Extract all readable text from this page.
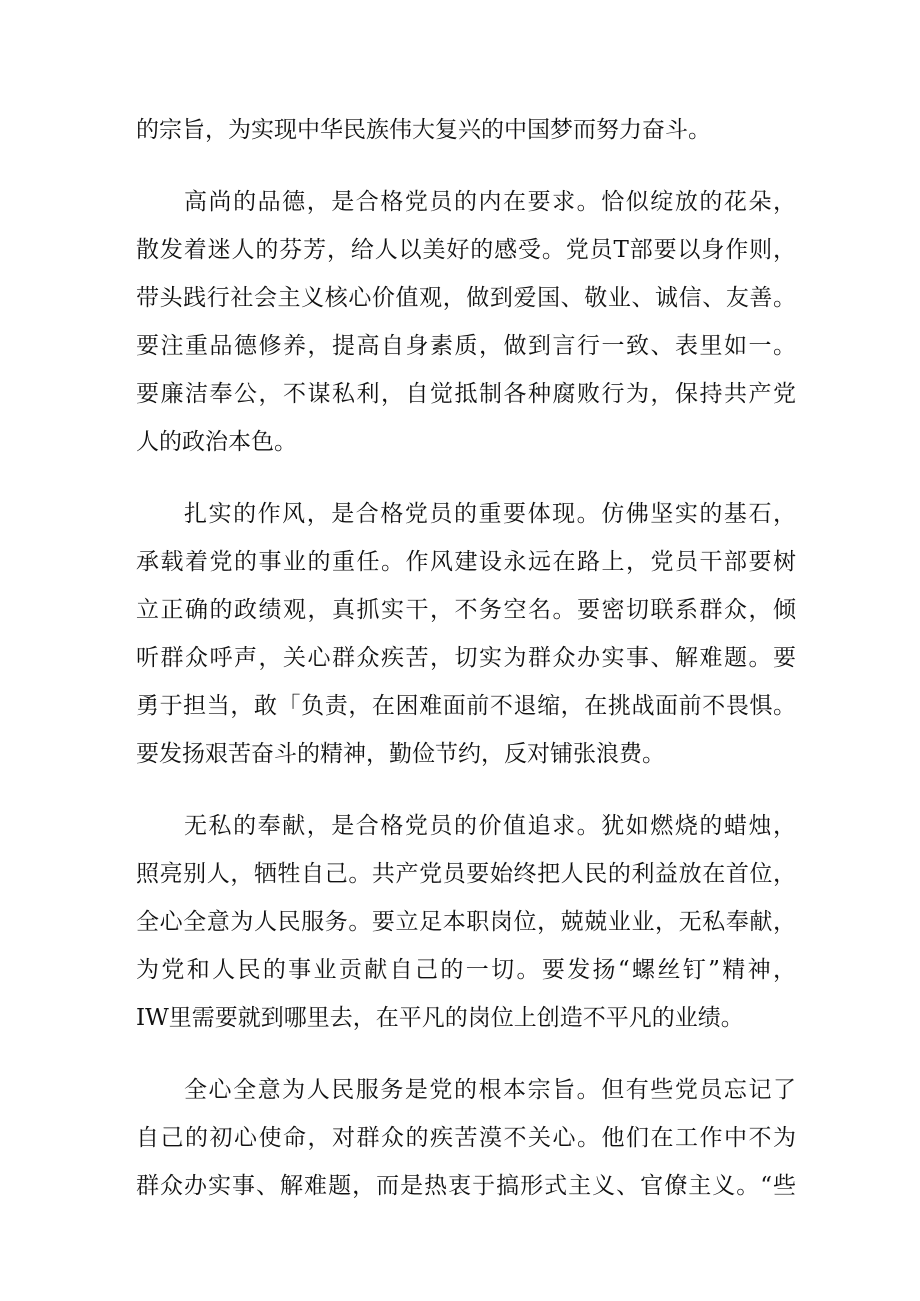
的宗旨，为实现中华民族伟大复兴的中国梦而努力奋斗。
高尚的品德，是合格党员的内在要求。恰似绽放的花朵，
散发着迷人的芬芳，给人以美好的感受。党员T部要以身作则，
带头践行社会主义核心价值观，做到爱国、敬业、诚信、友善。
要注重品德修养，提高自身素质，做到言行一致、表里如一。
要廉洁奉公，不谋私利，自觉抵制各种腐败行为，保持共产党
人的政治本色。
扎实的作风，是合格党员的重要体现。仿佛坚实的基石，
承载着党的事业的重任。作风建设永远在路上，党员干部要树
立正确的政绩观，真抓实干，不务空名。要密切联系群众，倾
听群众呼声，关心群众疾苦，切实为群众办实事、解难题。要
勇于担当，敢「负责，在困难面前不退缩，在挑战面前不畏惧。
要发扬艰苦奋斗的精神，勤俭节约，反对铺张浪费。
无私的奉献，是合格党员的价值追求。犹如燃烧的蜡烛，
照亮别人，牺牲自己。共产党员要始终把人民的利益放在首位，
全心全意为人民服务。要立足本职岗位，兢兢业业，无私奉献，
为党和人民的事业贡献自己的一切。要发扬“螺丝钉”精神，
IW里需要就到哪里去，在平凡的岗位上创造不平凡的业绩。
全心全意为人民服务是党的根本宗旨。但有些党员忘记了
自己的初心使命，对群众的疾苦漠不关心。他们在工作中不为
群众办实事、解难题，而是热衷于搞形式主义、官僚主义。“些
